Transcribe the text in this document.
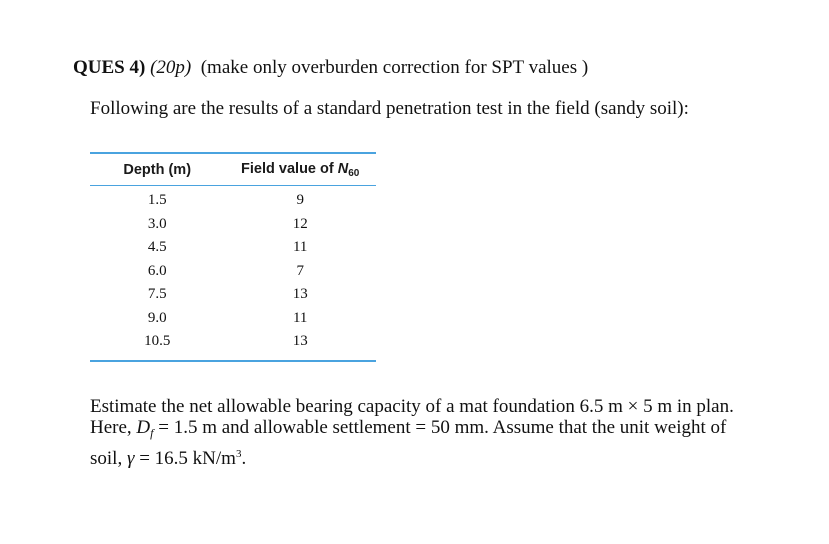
QUES 4) (20p) (make only overburden correction for SPT values )
Following are the results of a standard penetration test in the field (sandy soil):
Depth (m)	Field value of $N_{60}$
1.5	9
3.0	12
4.5	11
6.0	7
7.5	13
9.0	11
10.5	13

Estimate the net allowable bearing capacity of a mat foundation 6.5 m × 5 m in plan.

Here, $D_f = 1.5$ m and allowable settlement = 50 mm. Assume that the unit weight of

soil, γ = 16.5 $kN/m^3$.
